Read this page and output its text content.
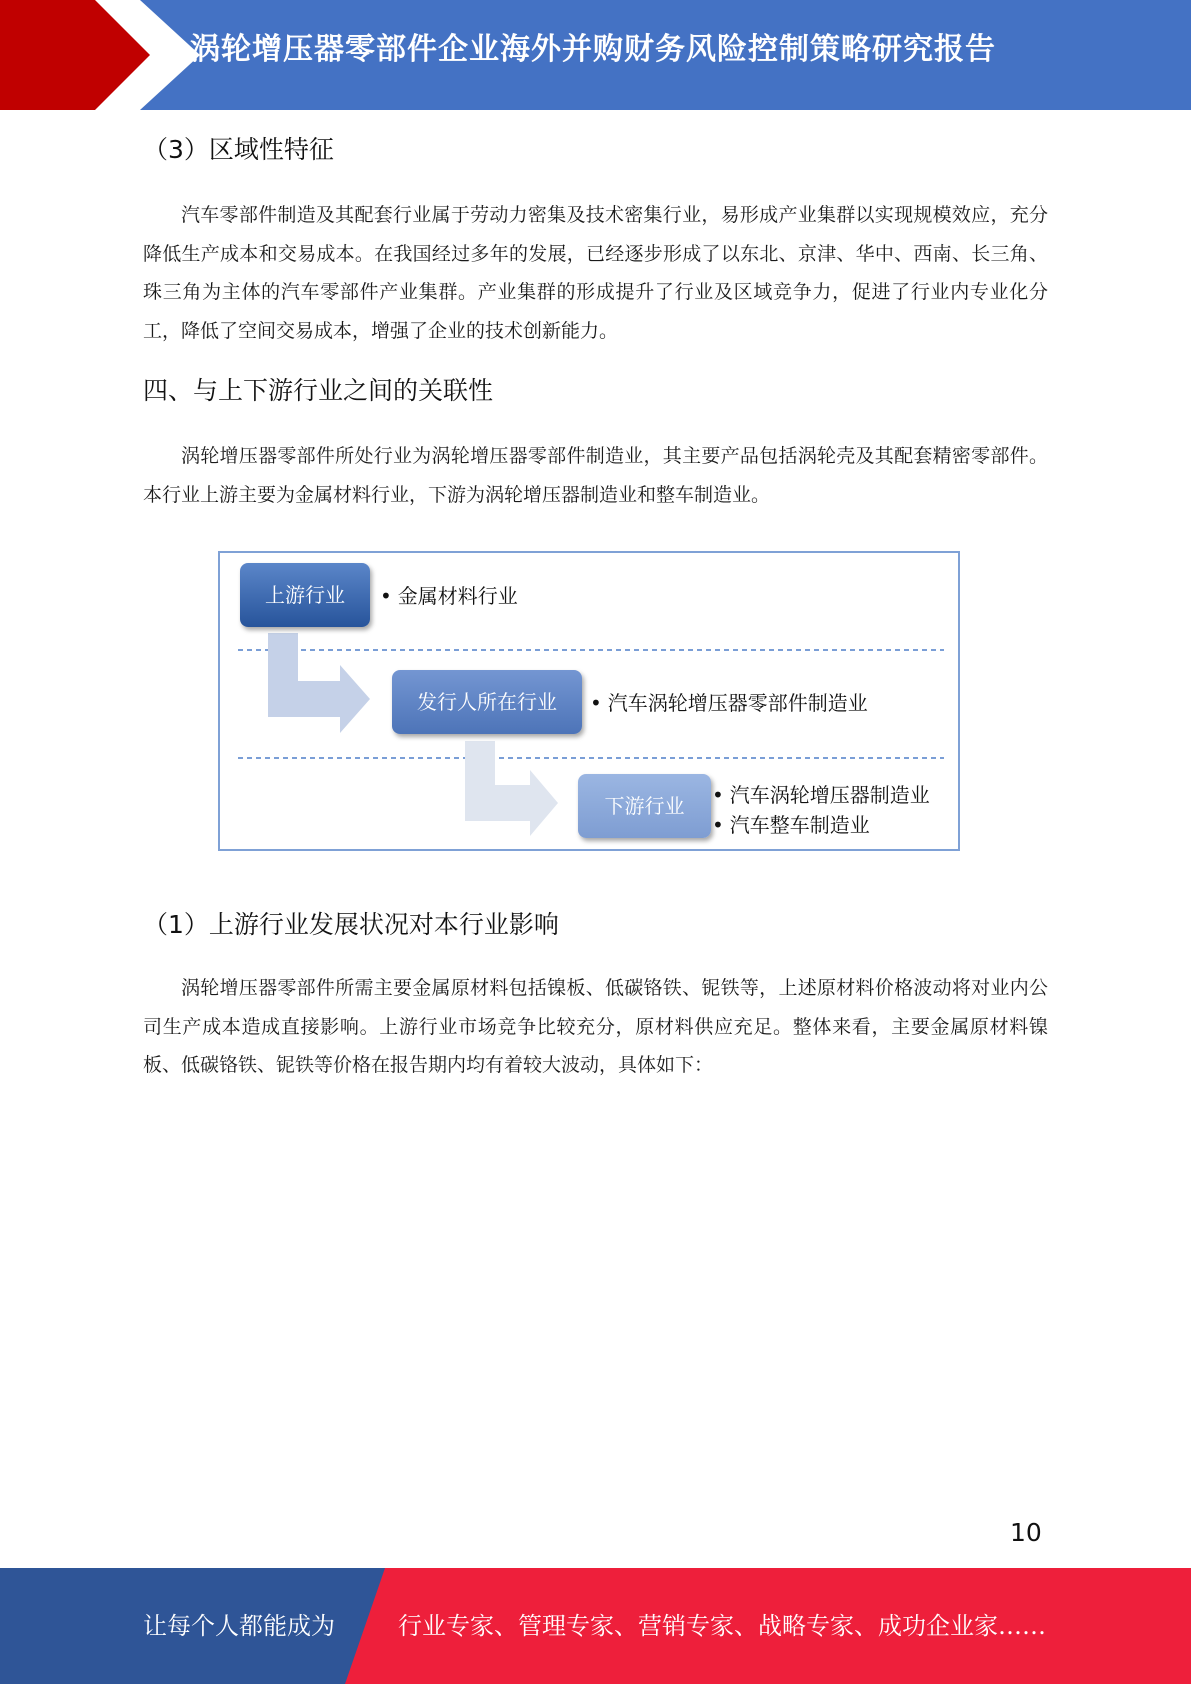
涡轮增压器零部件企业海外并购财务风险控制策略研究报告
（3）区域性特征

汽车零部件制造及其配套行业属于劳动力密集及技术密集行业，易形成产业集群以实现规模效应，充分降低生产成本和交易成本。在我国经过多年的发展，已经逐步形成了以东北、京津、华中、西南、长三角、珠三角为主体的汽车零部件产业集群。产业集群的形成提升了行业及区域竞争力，促进了行业内专业化分工，降低了空间交易成本，增强了企业的技术创新能力。

四、与上下游行业之间的关联性

涡轮增压器零部件所处行业为涡轮增压器零部件制造业，其主要产品包括涡轮壳及其配套精密零部件。本行业上游主要为金属材料行业，下游为涡轮增压器制造业和整车制造业。

上游行业	• 金属材料行业
发行人所在行业	• 汽车涡轮增压器零部件制造业
下游行业	• 汽车涡轮增压器制造业
• 汽车整车制造业
（1）上游行业发展状况对本行业影响

涡轮增压器零部件所需主要金属原材料包括镍板、低碳铬铁、铌铁等，上述原材料价格波动将对业内公司生产成本造成直接影响。上游行业市场竞争比较充分，原材料供应充足。整体来看，主要金属原材料镍板、低碳铬铁、铌铁等价格在报告期内均有着较大波动，具体如下：

10
让每个人都能成为	行业专家、管理专家、营销专家、战略专家、成功企业家……
